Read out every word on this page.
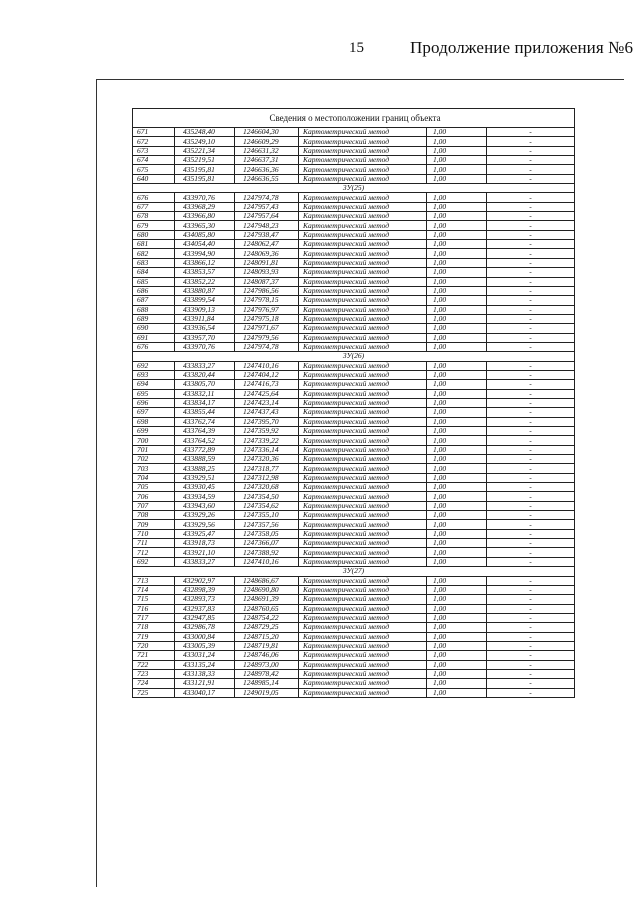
15	Продолжение приложения №6
Сведения о местоположении границ объекта					
671	435248,40	1246604,30	Картометрический метод	1,00	-
672	435249,10	1246609,29	Картометрический метод	1,00	-
673	435221,34	1246631,32	Картометрический метод	1,00	-
674	435219,51	1246637,31	Картометрический метод	1,00	-
675	435195,81	1246636,36	Картометрический метод	1,00	-
640	435195,81	1246636,55	Картометрический метод	1,00	-
3У(25)					
676	433970,76	1247974,78	Картометрический метод	1,00	-
677	433968,29	1247957,43	Картометрический метод	1,00	-
678	433966,80	1247957,64	Картометрический метод	1,00	-
679	433965,30	1247948,23	Картометрический метод	1,00	-
680	434085,80	1247938,47	Картометрический метод	1,00	-
681	434054,40	1248062,47	Картометрический метод	1,00	-
682	433994,90	1248069,36	Картометрический метод	1,00	-
683	433866,12	1248091,81	Картометрический метод	1,00	-
684	433853,57	1248093,93	Картометрический метод	1,00	-
685	433852,22	1248087,37	Картометрический метод	1,00	-
686	433880,87	1247986,56	Картометрический метод	1,00	-
687	433899,54	1247978,15	Картометрический метод	1,00	-
688	433909,13	1247976,97	Картометрический метод	1,00	-
689	433911,84	1247975,18	Картометрический метод	1,00	-
690	433936,54	1247971,67	Картометрический метод	1,00	-
691	433957,70	1247979,56	Картометрический метод	1,00	-
676	433970,76	1247974,78	Картометрический метод	1,00	-
3У(26)					
692	433833,27	1247410,16	Картометрический метод	1,00	-
693	433820,44	1247404,12	Картометрический метод	1,00	-
694	433805,70	1247416,73	Картометрический метод	1,00	-
695	433832,11	1247425,64	Картометрический метод	1,00	-
696	433834,17	1247423,14	Картометрический метод	1,00	-
697	433855,44	1247437,43	Картометрический метод	1,00	-
698	433762,74	1247395,70	Картометрический метод	1,00	-
699	433764,39	1247359,92	Картометрический метод	1,00	-
700	433764,52	1247339,22	Картометрический метод	1,00	-
701	433772,89	1247336,14	Картометрический метод	1,00	-
702	433888,59	1247320,36	Картометрический метод	1,00	-
703	433888,25	1247318,77	Картометрический метод	1,00	-
704	433929,51	1247312,98	Картометрический метод	1,00	-
705	433930,45	1247320,68	Картометрический метод	1,00	-
706	433934,59	1247354,50	Картометрический метод	1,00	-
707	433943,60	1247354,62	Картометрический метод	1,00	-
708	433929,26	1247355,10	Картометрический метод	1,00	-
709	433929,56	1247357,56	Картометрический метод	1,00	-
710	433925,47	1247358,05	Картометрический метод	1,00	-
711	433918,73	1247366,07	Картометрический метод	1,00	-
712	433921,10	1247388,92	Картометрический метод	1,00	-
692	433833,27	1247410,16	Картометрический метод	1,00	-
3У(27)					
713	432902,97	1248686,67	Картометрический метод	1,00	-
714	432898,39	1248690,80	Картометрический метод	1,00	-
715	432893,73	1248691,39	Картометрический метод	1,00	-
716	432937,83	1248760,65	Картометрический метод	1,00	-
717	432947,85	1248754,22	Картометрический метод	1,00	-
718	432986,78	1248729,25	Картометрический метод	1,00	-
719	433000,84	1248715,20	Картометрический метод	1,00	-
720	433005,39	1248719,81	Картометрический метод	1,00	-
721	433031,24	1248746,06	Картометрический метод	1,00	-
722	433135,24	1248973,00	Картометрический метод	1,00	-
723	433138,33	1248978,42	Картометрический метод	1,00	-
724	433121,91	1248985,14	Картометрический метод	1,00	-
725	433040,17	1249019,05	Картометрический метод	1,00	-
